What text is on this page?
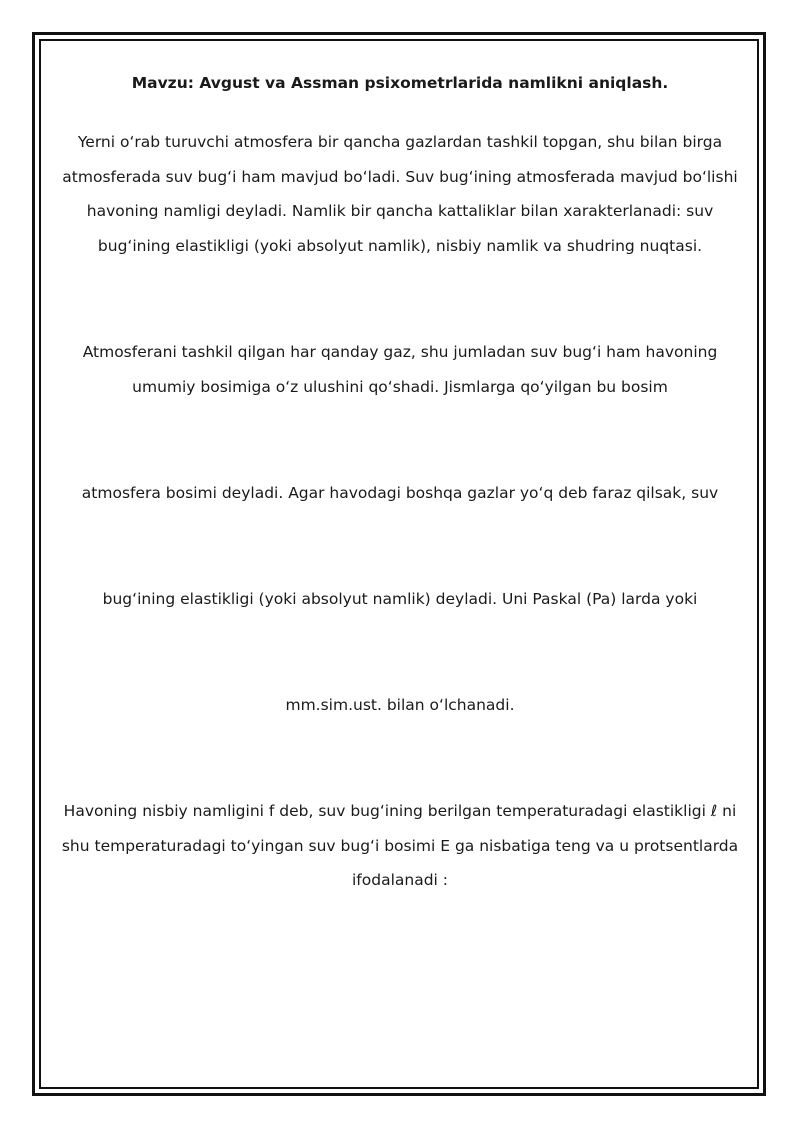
Mavzu: Avgust va Assman psixometrlarida namlikni aniqlash.

Yerni oʻrab turuvchi atmosfera bir qancha gazlardan tashkil topgan, shu bilan birga atmosferada suv bugʻi ham mavjud boʻladi. Suv bugʻining atmosferada mavjud boʻlishi havoning namligi deyladi. Namlik bir qancha kattaliklar bilan xarakterlanadi: suv bugʻining elastikligi (yoki absolyut namlik), nisbiy namlik va shudring nuqtasi.

Atmosferani tashkil qilgan har qanday gaz, shu jumladan suv bugʻi ham havoning umumiy bosimiga oʻz ulushini qoʻshadi. Jismlarga qoʻyilgan bu bosim

atmosfera bosimi deyladi. Agar havodagi boshqa gazlar yoʻq deb faraz qilsak, suv

bugʻining elastikligi (yoki absolyut namlik) deyladi. Uni Paskal (Pa) larda yoki

mm.sim.ust. bilan oʻlchanadi.

Havoning nisbiy namligini f deb, suv bugʻining berilgan temperaturadagi elastikligi ℓ ni shu temperaturadagi toʻyingan suv bugʻi bosimi E ga nisbatiga teng va u protsentlarda ifodalanadi :
